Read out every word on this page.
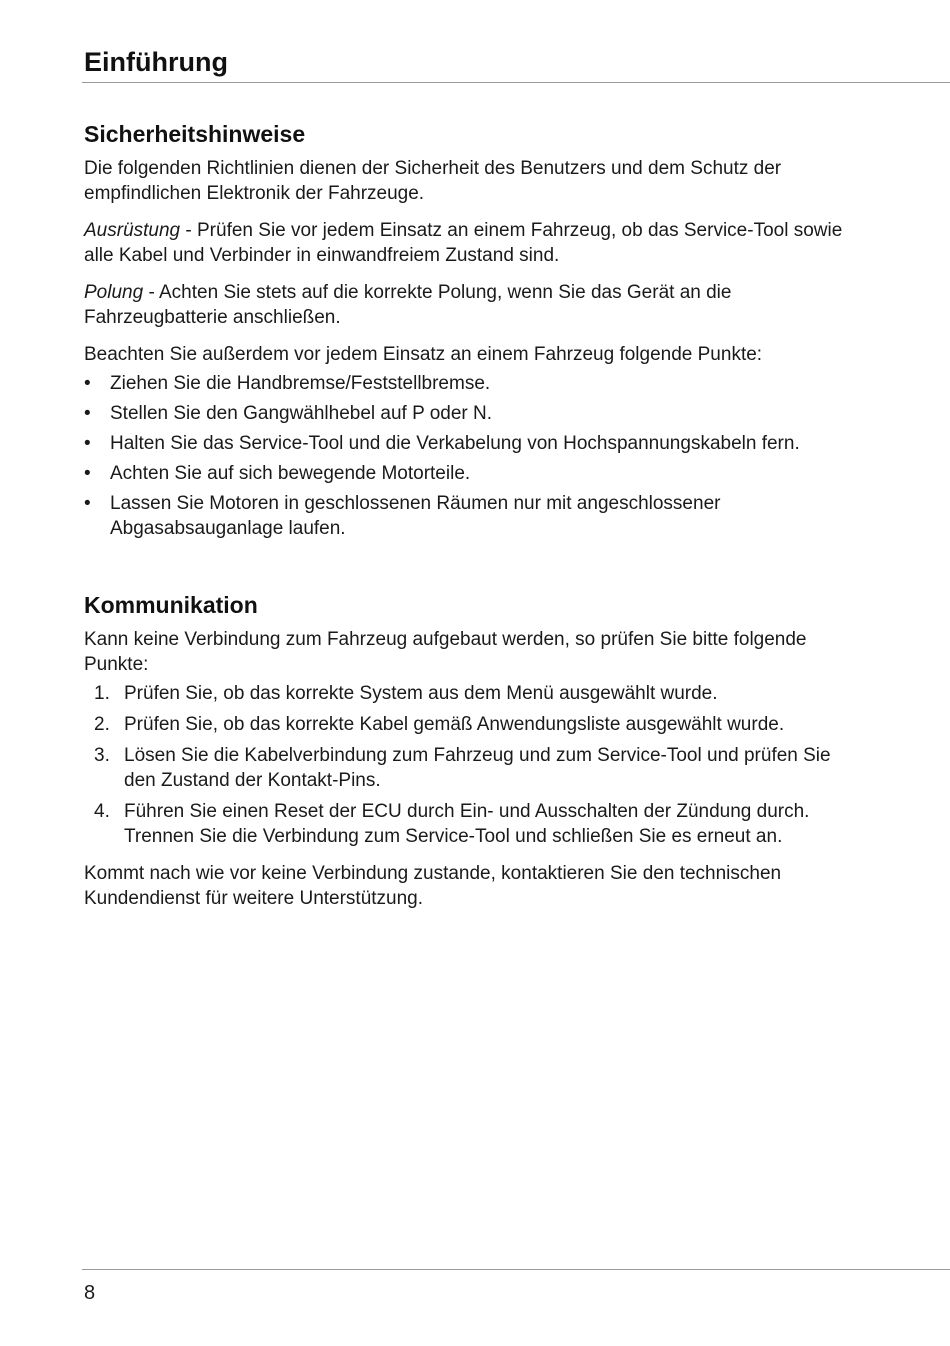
Einführung
Sicherheitshinweise

Die folgenden Richtlinien dienen der Sicherheit des Benutzers und dem Schutz der empfindlichen Elektronik der Fahrzeuge.

Ausrüstung - Prüfen Sie vor jedem Einsatz an einem Fahrzeug, ob das Service-Tool sowie alle Kabel und Verbinder in einwandfreiem Zustand sind.

Polung - Achten Sie stets auf die korrekte Polung, wenn Sie das Gerät an die Fahrzeugbatterie anschließen.

Beachten Sie außerdem vor jedem Einsatz an einem Fahrzeug folgende Punkte:

• Ziehen Sie die Handbremse/Feststellbremse.
• Stellen Sie den Gangwählhebel auf P oder N.
• Halten Sie das Service-Tool und die Verkabelung von Hochspannungskabeln fern.
• Achten Sie auf sich bewegende Motorteile.
• Lassen Sie Motoren in geschlossenen Räumen nur mit angeschlossener Abgasabsauganlage laufen.
Kommunikation

Kann keine Verbindung zum Fahrzeug aufgebaut werden, so prüfen Sie bitte folgende Punkte:

1. Prüfen Sie, ob das korrekte System aus dem Menü ausgewählt wurde.
2. Prüfen Sie, ob das korrekte Kabel gemäß Anwendungsliste ausgewählt wurde.
3. Lösen Sie die Kabelverbindung zum Fahrzeug und zum Service-Tool und prüfen Sie den Zustand der Kontakt-Pins.
4. Führen Sie einen Reset der ECU durch Ein- und Ausschalten der Zündung durch. Trennen Sie die Verbindung zum Service-Tool und schließen Sie es erneut an.

Kommt nach wie vor keine Verbindung zustande, kontaktieren Sie den technischen Kundendienst für weitere Unterstützung.

8
